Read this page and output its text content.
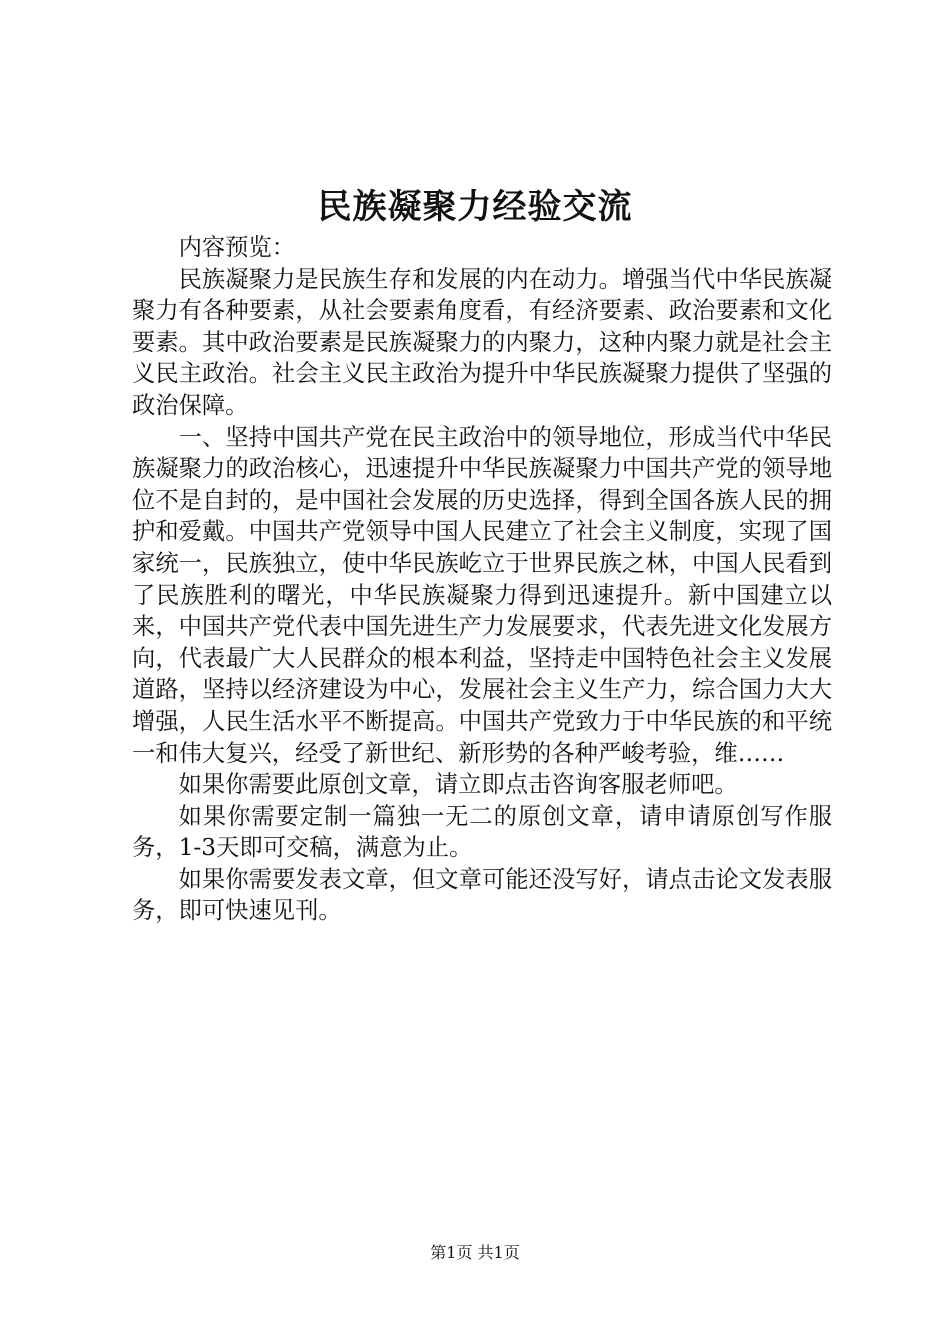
民族凝聚力经验交流

内容预览：

民族凝聚力是民族生存和发展的内在动力。增强当代中华民族凝聚力有各种要素，从社会要素角度看，有经济要素、政治要素和文化要素。其中政治要素是民族凝聚力的内聚力，这种内聚力就是社会主义民主政治。社会主义民主政治为提升中华民族凝聚力提供了坚强的政治保障。

一、坚持中国共产党在民主政治中的领导地位，形成当代中华民族凝聚力的政治核心，迅速提升中华民族凝聚力中国共产党的领导地位不是自封的，是中国社会发展的历史选择，得到全国各族人民的拥护和爱戴。中国共产党领导中国人民建立了社会主义制度，实现了国家统一，民族独立，使中华民族屹立于世界民族之林，中国人民看到了民族胜利的曙光，中华民族凝聚力得到迅速提升。新中国建立以来，中国共产党代表中国先进生产力发展要求，代表先进文化发展方向，代表最广大人民群众的根本利益，坚持走中国特色社会主义发展道路，坚持以经济建设为中心，发展社会主义生产力，综合国力大大增强，人民生活水平不断提高。中国共产党致力于中华民族的和平统一和伟大复兴，经受了新世纪、新形势的各种严峻考验，维……

如果你需要此原创文章，请立即点击咨询客服老师吧。

如果你需要定制一篇独一无二的原创文章，请申请原创写作服务，1-3天即可交稿，满意为止。

如果你需要发表文章，但文章可能还没写好，请点击论文发表服务，即可快速见刊。

第1页 共1页
